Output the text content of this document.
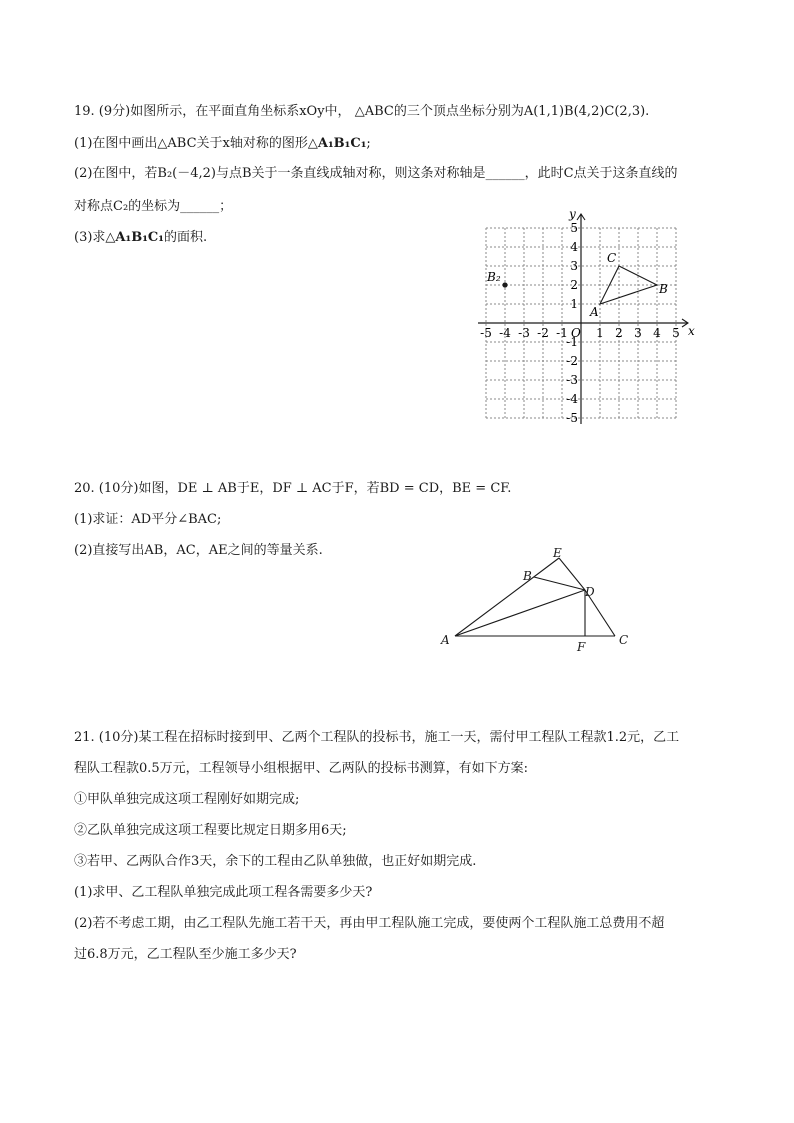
19. (9分)如图所示，在平面直角坐标系xOy中， △ABC的三个顶点坐标分别为A(1,1)B(4,2)C(2,3).
(1)在图中画出△ABC关于x轴对称的图形△A₁B₁C₁;
(2)在图中，若B₂(－4,2)与点B关于一条直线成轴对称，则这条对称轴是______，此时C点关于这条直线的
对称点C₂的坐标为______；
(3)求△A₁B₁C₁的面积.
x
y
O
-5 -4 -3 -2 -1 1 2 3 4 5
5
4
3
2
1
-1
-2
-3
-4
-5
A
B
C
B₂
20. (10分)如图，DE ⊥ AB于E，DF ⊥ AC于F，若BD = CD，BE = CF.
(1)求证：AD平分∠BAC;
(2)直接写出AB，AC，AE之间的等量关系.	E
B
D
A	F	C
21. (10分)某工程在招标时接到甲、乙两个工程队的投标书，施工一天，需付甲工程队工程款1.2元，乙工
程队工程款0.5万元，工程领导小组根据甲、乙两队的投标书测算，有如下方案:
①甲队单独完成这项工程刚好如期完成;
②乙队单独完成这项工程要比规定日期多用6天;
③若甲、乙两队合作3天，余下的工程由乙队单独做，也正好如期完成.
(1)求甲、乙工程队单独完成此项工程各需要多少天?
(2)若不考虑工期，由乙工程队先施工若干天，再由甲工程队施工完成，要使两个工程队施工总费用不超
过6.8万元，乙工程队至少施工多少天?
